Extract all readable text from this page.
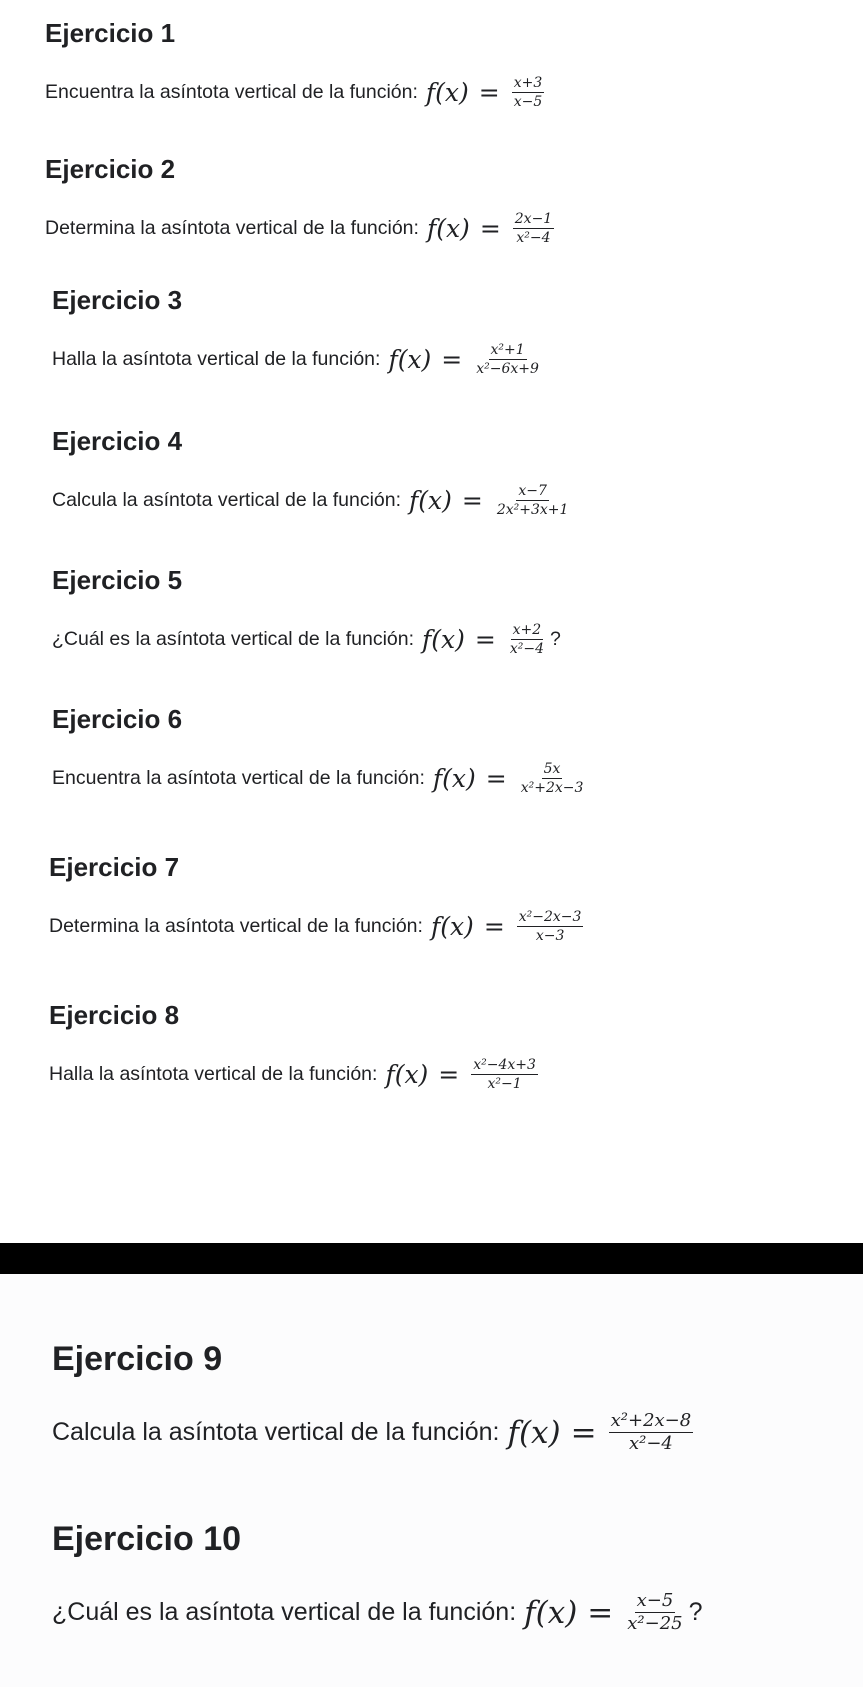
Ejercicio 1
Encuentra la asíntota vertical de la función: $f(x) = \frac{x+3}{x-5}$
Ejercicio 2
Determina la asíntota vertical de la función: $f(x) = \frac{2x-1}{\text{x²−4}}$
Ejercicio 3
Halla la asíntota vertical de la función: $f(x) = \frac{\text{x²+1}}{\text{x²−6x+9}}$
Ejercicio 4
Calcula la asíntota vertical de la función: $f(x) = \frac{x-7}{\text{2x²+3x+1}}$
Ejercicio 5
¿Cuál es la asíntota vertical de la función: $f(x) = \frac{x+2}{\text{x²−4}}$ ?
Ejercicio 6
Encuentra la asíntota vertical de la función: $f(x) = \frac{5x}{\text{x²+2x−3}}$
Ejercicio 7
Determina la asíntota vertical de la función: $f(x) = \frac{\text{x²−2x−3}}{x-3}$
Ejercicio 8
Halla la asíntota vertical de la función: $f(x) = \frac{\text{x²−4x+3}}{\text{x²−1}}$
Ejercicio 9
Calcula la asíntota vertical de la función: $f(x) = \frac{\text{x²+2x−8}}{\text{x²−4}}$
Ejercicio 10
¿Cuál es la asíntota vertical de la función: $f(x) = \frac{x-5}{\text{x²−25}}$ ?
